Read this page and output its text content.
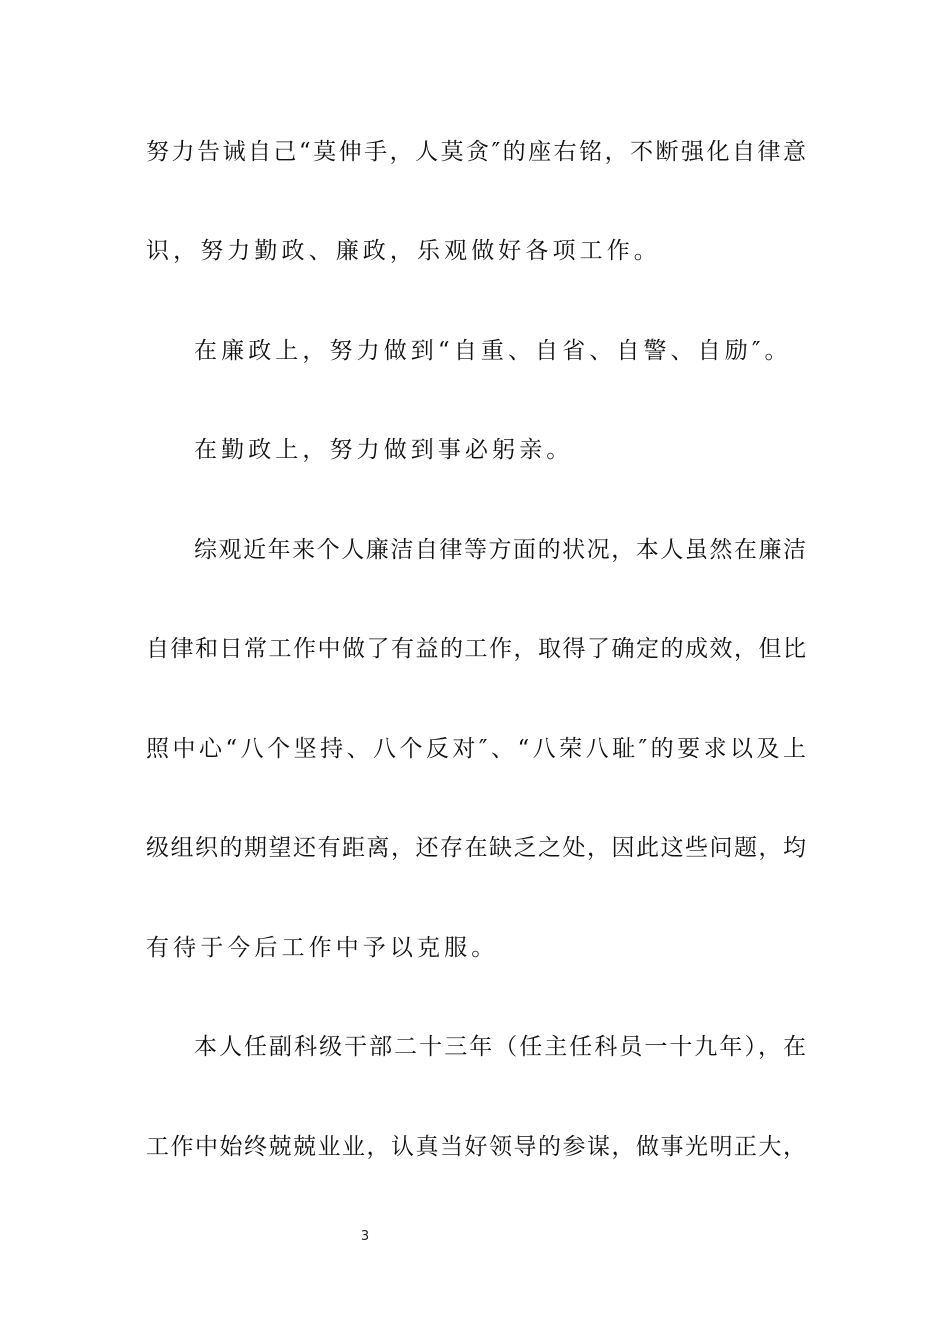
努力告诫自己“莫伸手，人莫贪″的座右铭，不断强化自律意
识，努力勤政、廉政，乐观做好各项工作。
在廉政上，努力做到“自重、自省、自警、自励″。
在勤政上，努力做到事必躬亲。
综观近年来个人廉洁自律等方面的状况，本人虽然在廉洁
自律和日常工作中做了有益的工作，取得了确定的成效，但比
照中心“八个坚持、八个反对″、“八荣八耻″的要求以及上
级组织的期望还有距离，还存在缺乏之处，因此这些问题，均
有待于今后工作中予以克服。
本人任副科级干部二十三年（任主任科员一十九年），在
工作中始终兢兢业业，认真当好领导的参谋，做事光明正大，
3
